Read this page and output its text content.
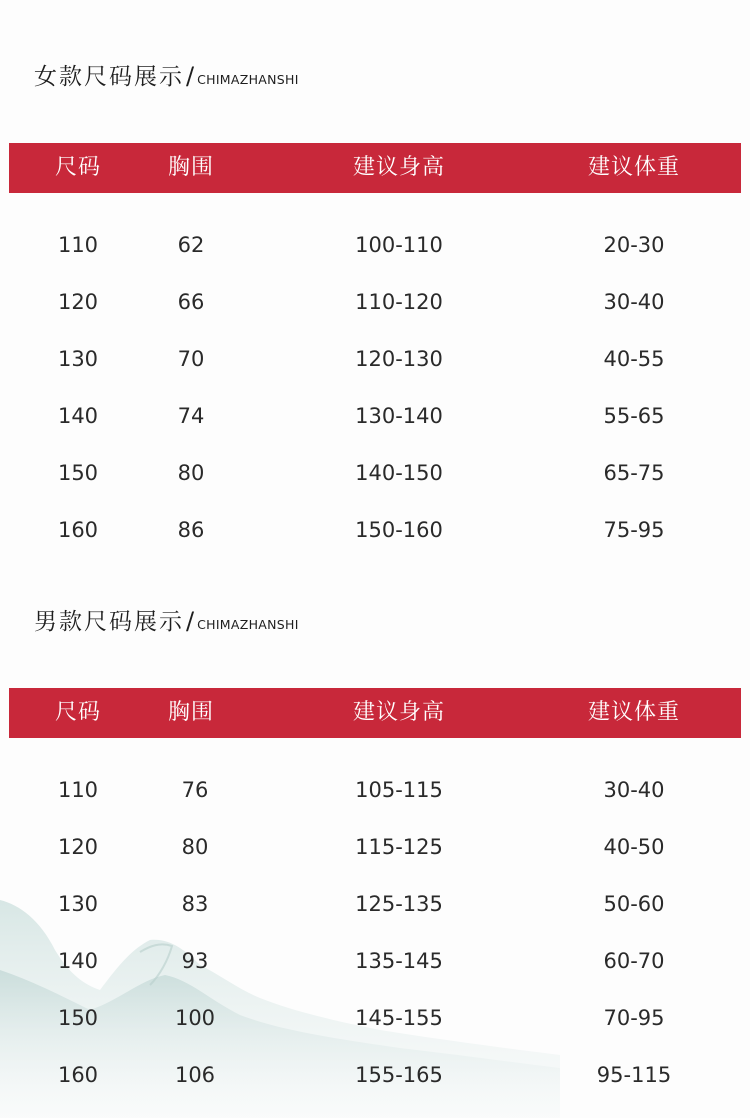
女款尺码展示 / CHIMAZHANSHI
尺码	胸围	建议身高	建议体重
110	62	100-110	20-30
120	66	110-120	30-40
130	70	120-130	40-55
140	74	130-140	55-65
150	80	140-150	65-75
160	86	150-160	75-95
男款尺码展示 / CHIMAZHANSHI
尺码	胸围	建议身高	建议体重
110	76	105-115	30-40
120	80	115-125	40-50
130	83	125-135	50-60
140	93	135-145	60-70
150	100	145-155	70-95
160	106	155-165	95-115
